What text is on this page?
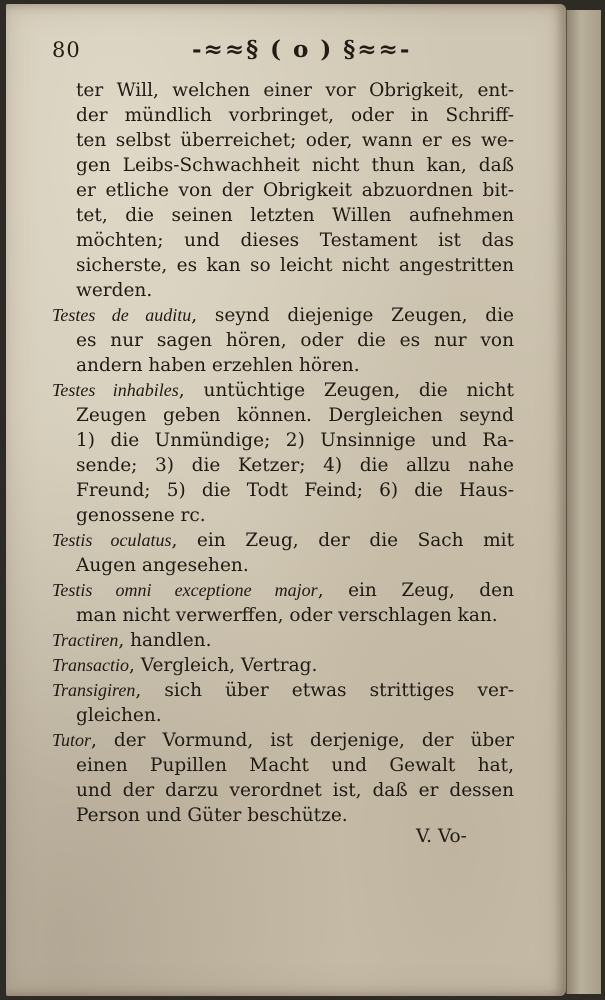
80	-≈≈§ ( o ) §≈≈-
ter Will, welchen einer vor Obrigkeit, ent-
der mündlich vorbringet, oder in Schriff-
ten selbst überreichet; oder, wann er es we-
gen Leibs-Schwachheit nicht thun kan, daß
er etliche von der Obrigkeit abzuordnen bit-
tet, die seinen letzten Willen aufnehmen
möchten; und dieses Testament ist das
sicherste, es kan so leicht nicht angestritten
werden.
Testes de auditu, seynd diejenige Zeugen, die
es nur sagen hören, oder die es nur von
andern haben erzehlen hören.
Testes inhabiles, untüchtige Zeugen, die nicht
Zeugen geben können. Dergleichen seynd
1) die Unmündige; 2) Unsinnige und Ra-
sende; 3) die Ketzer; 4) die allzu nahe
Freund; 5) die Todt Feind; 6) die Haus-
genossene rc.
Testis oculatus, ein Zeug, der die Sach mit
Augen angesehen.
Testis omni exceptione major, ein Zeug, den
man nicht verwerffen, oder verschlagen kan.
Tractiren, handlen.
Transactio, Vergleich, Vertrag.
Transigiren, sich über etwas strittiges ver-
gleichen.
Tutor, der Vormund, ist derjenige, der über
einen Pupillen Macht und Gewalt hat,
und der darzu verordnet ist, daß er dessen
Person und Güter beschütze.
V. Vo-
